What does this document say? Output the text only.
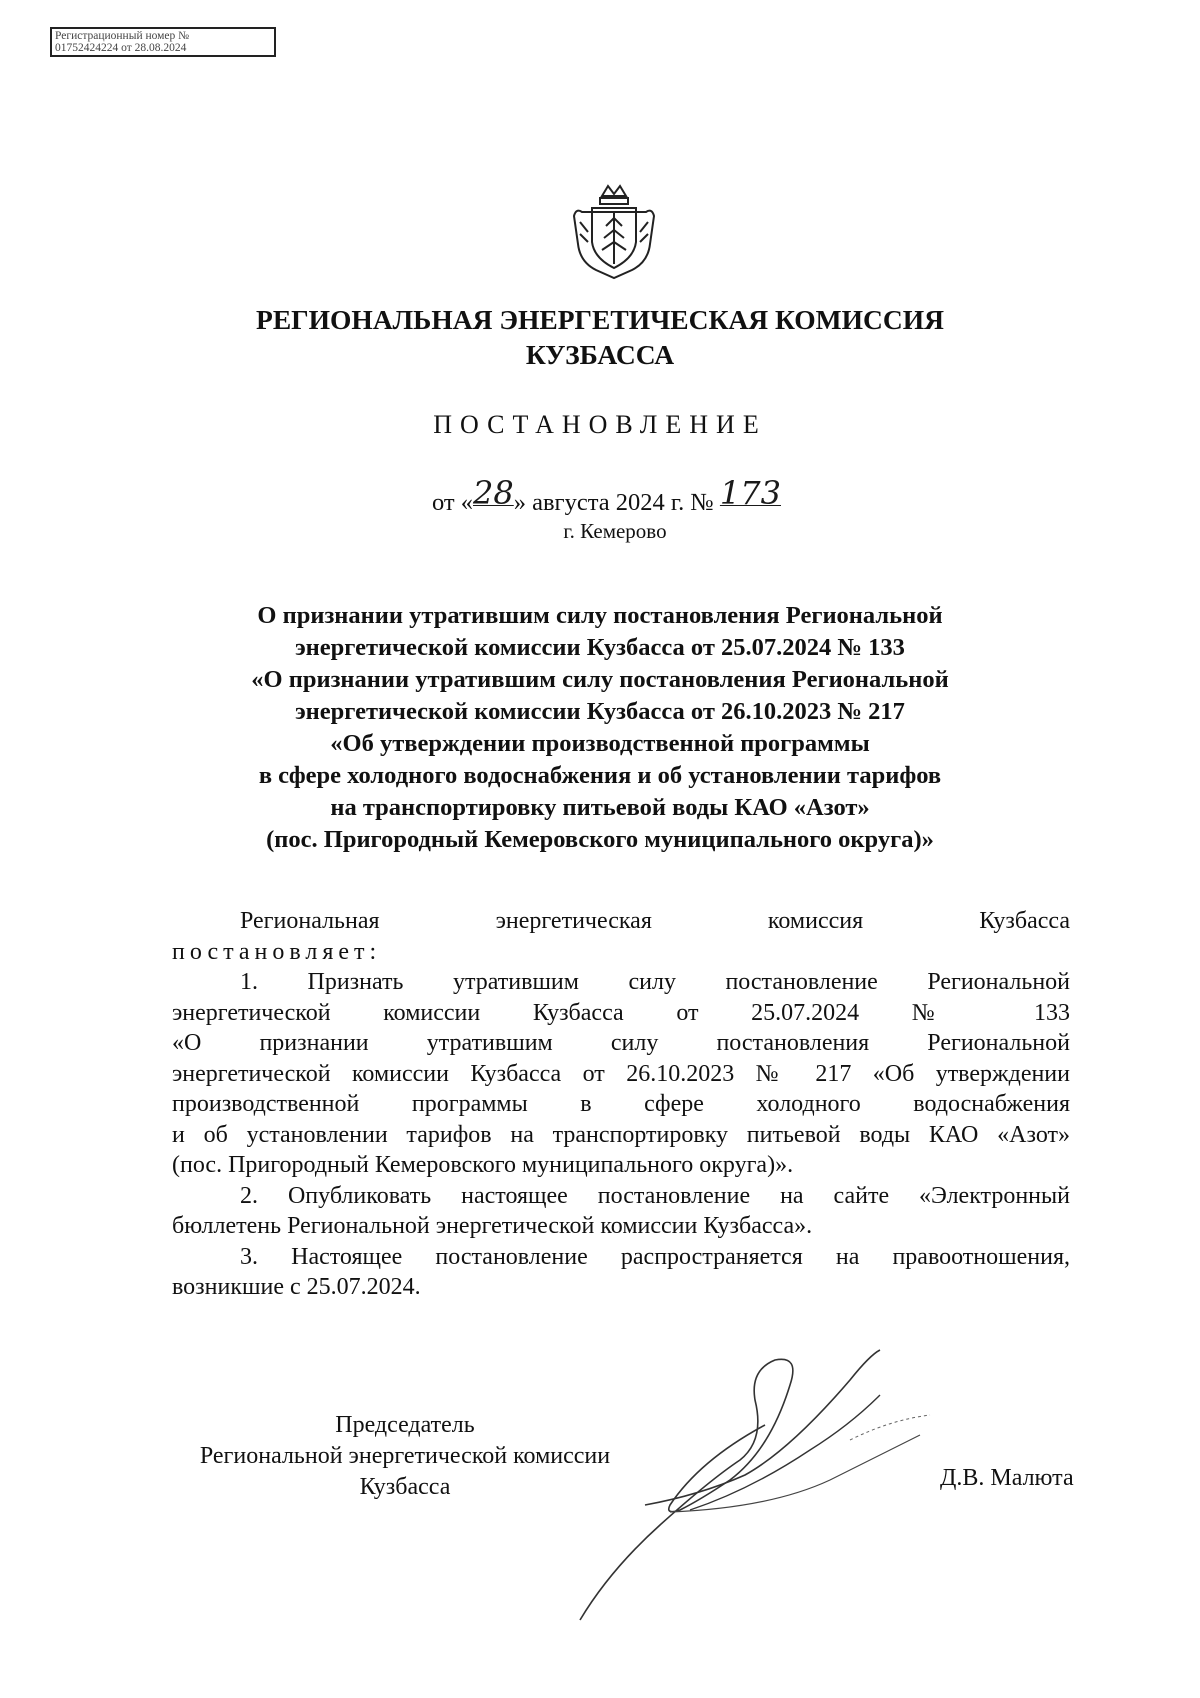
Регистрационный номер №
01752424224 от 28.08.2024
РЕГИОНАЛЬНАЯ ЭНЕРГЕТИЧЕСКАЯ КОМИССИЯ
КУЗБАССА
ПОСТАНОВЛЕНИЕ
от «28» августа 2024 г. № 173
г. Кемерово
О признании утратившим силу постановления Региональной
энергетической комиссии Кузбасса от 25.07.2024 № 133
«О признании утратившим силу постановления Региональной
энергетической комиссии Кузбасса от 26.10.2023 № 217
«Об утверждении производственной программы
в сфере холодного водоснабжения и об установлении тарифов
на транспортировку питьевой воды КАО «Азот»
(пос. Пригородный Кемеровского муниципального округа)»
Региональная энергетическая комиссия Кузбасса
постановляет:
1. Признать утратившим силу постановление Региональной
энергетической комиссии Кузбасса от 25.07.2024 № 133
«О признании утратившим силу постановления Региональной
энергетической комиссии Кузбасса от 26.10.2023 № 217 «Об утверждении
производственной программы в сфере холодного водоснабжения
и об установлении тарифов на транспортировку питьевой воды КАО «Азот»
(пос. Пригородный Кемеровского муниципального округа)».
2. Опубликовать настоящее постановление на сайте «Электронный
бюллетень Региональной энергетической комиссии Кузбасса».
3. Настоящее постановление распространяется на правоотношения,
возникшие с 25.07.2024.
Председатель
Региональной энергетической комиссии
Кузбасса	Д.В. Малюта
